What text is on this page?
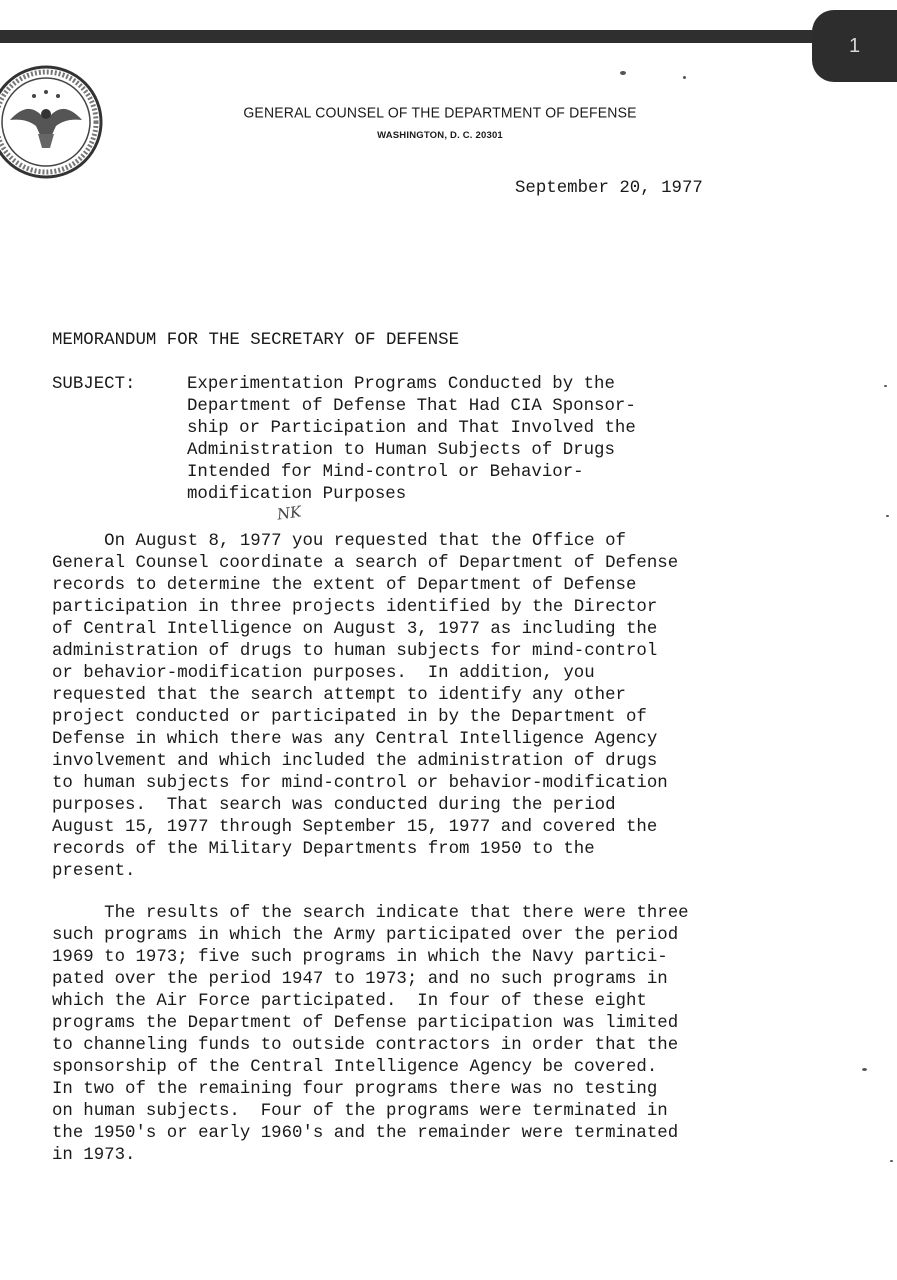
1
GENERAL COUNSEL OF THE DEPARTMENT OF DEFENSE
WASHINGTON, D. C. 20301
September 20, 1977
MEMORANDUM FOR THE SECRETARY OF DEFENSE
SUBJECT:	Experimentation Programs Conducted by the
Department of Defense That Had CIA Sponsor-
ship or Participation and That Involved the
Administration to Human Subjects of Drugs
Intended for Mind-control or Behavior-
modification Purposes
NK
On August 8, 1977 you requested that the Office of
General Counsel coordinate a search of Department of Defense
records to determine the extent of Department of Defense
participation in three projects identified by the Director
of Central Intelligence on August 3, 1977 as including the
administration of drugs to human subjects for mind-control
or behavior-modification purposes.  In addition, you
requested that the search attempt to identify any other
project conducted or participated in by the Department of
Defense in which there was any Central Intelligence Agency
involvement and which included the administration of drugs
to human subjects for mind-control or behavior-modification
purposes.  That search was conducted during the period
August 15, 1977 through September 15, 1977 and covered the
records of the Military Departments from 1950 to the
present.
The results of the search indicate that there were three
such programs in which the Army participated over the period
1969 to 1973; five such programs in which the Navy partici-
pated over the period 1947 to 1973; and no such programs in
which the Air Force participated.  In four of these eight
programs the Department of Defense participation was limited
to channeling funds to outside contractors in order that the
sponsorship of the Central Intelligence Agency be covered.
In two of the remaining four programs there was no testing
on human subjects.  Four of the programs were terminated in
the 1950's or early 1960's and the remainder were terminated
in 1973.
